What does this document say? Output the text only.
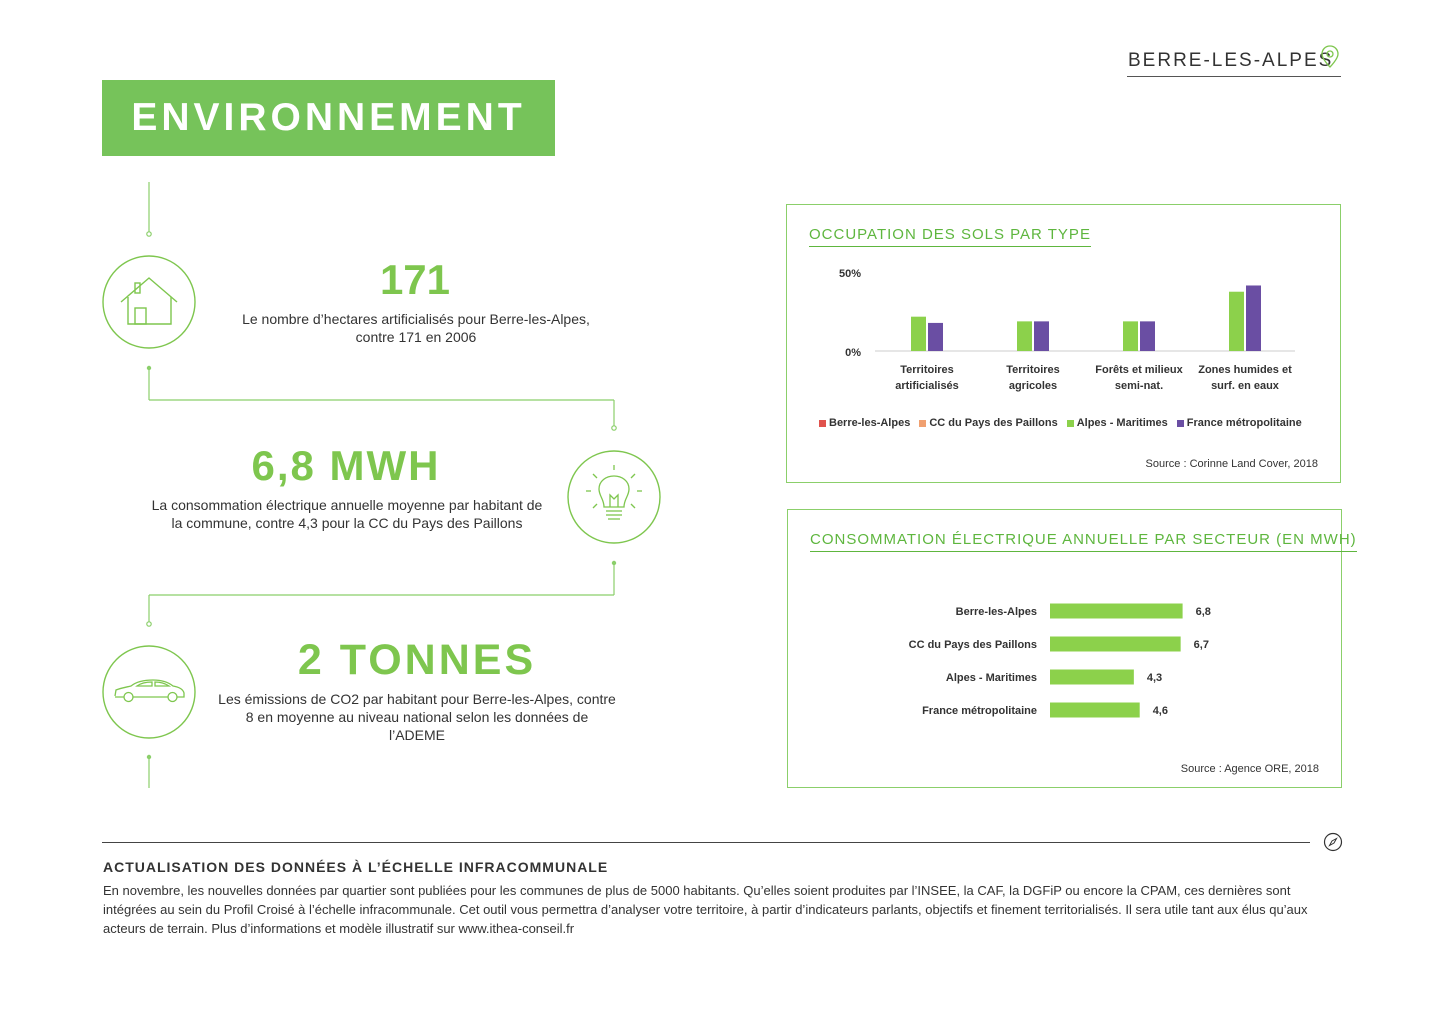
BERRE-LES-ALPES
ENVIRONNEMENT
171
Le nombre d’hectares artificialisés pour Berre-les-Alpes, contre 171 en 2006
6,8 MWH
La consommation électrique annuelle moyenne par habitant de la commune, contre 4,3 pour la CC du Pays des Paillons
2 TONNES
Les émissions de CO2 par habitant pour Berre-les-Alpes, contre 8 en moyenne au niveau national selon les données de l’ADEME
OCCUPATION DES SOLS PAR TYPE
50%
0%
Territoires
artificialisés
Territoires
agricoles
Forêts et milieux
semi-nat.
Zones humides et
surf. en eaux
Berre-les-Alpes CC du Pays des Paillons Alpes - Maritimes France métropolitaine
Source : Corinne Land Cover, 2018
CONSOMMATION ÉLECTRIQUE ANNUELLE PAR SECTEUR (EN MWH)
Berre-les-Alpes	6,8
CC du Pays des Paillons	6,7
Alpes - Maritimes	4,3
France métropolitaine	4,6
Source : Agence ORE, 2018
ACTUALISATION DES DONNÉES À L’ÉCHELLE INFRACOMMUNALE
En novembre, les nouvelles données par quartier sont publiées pour les communes de plus de 5000 habitants. Qu’elles soient produites par l’INSEE, la CAF, la DGFiP ou encore la CPAM, ces dernières sont intégrées au sein du Profil Croisé à l’échelle infracommunale. Cet outil vous permettra d’analyser votre territoire, à partir d’indicateurs parlants, objectifs et finement territorialisés. Il sera utile tant aux élus qu’aux acteurs de terrain. Plus d’informations et modèle illustratif sur www.ithea-conseil.fr
